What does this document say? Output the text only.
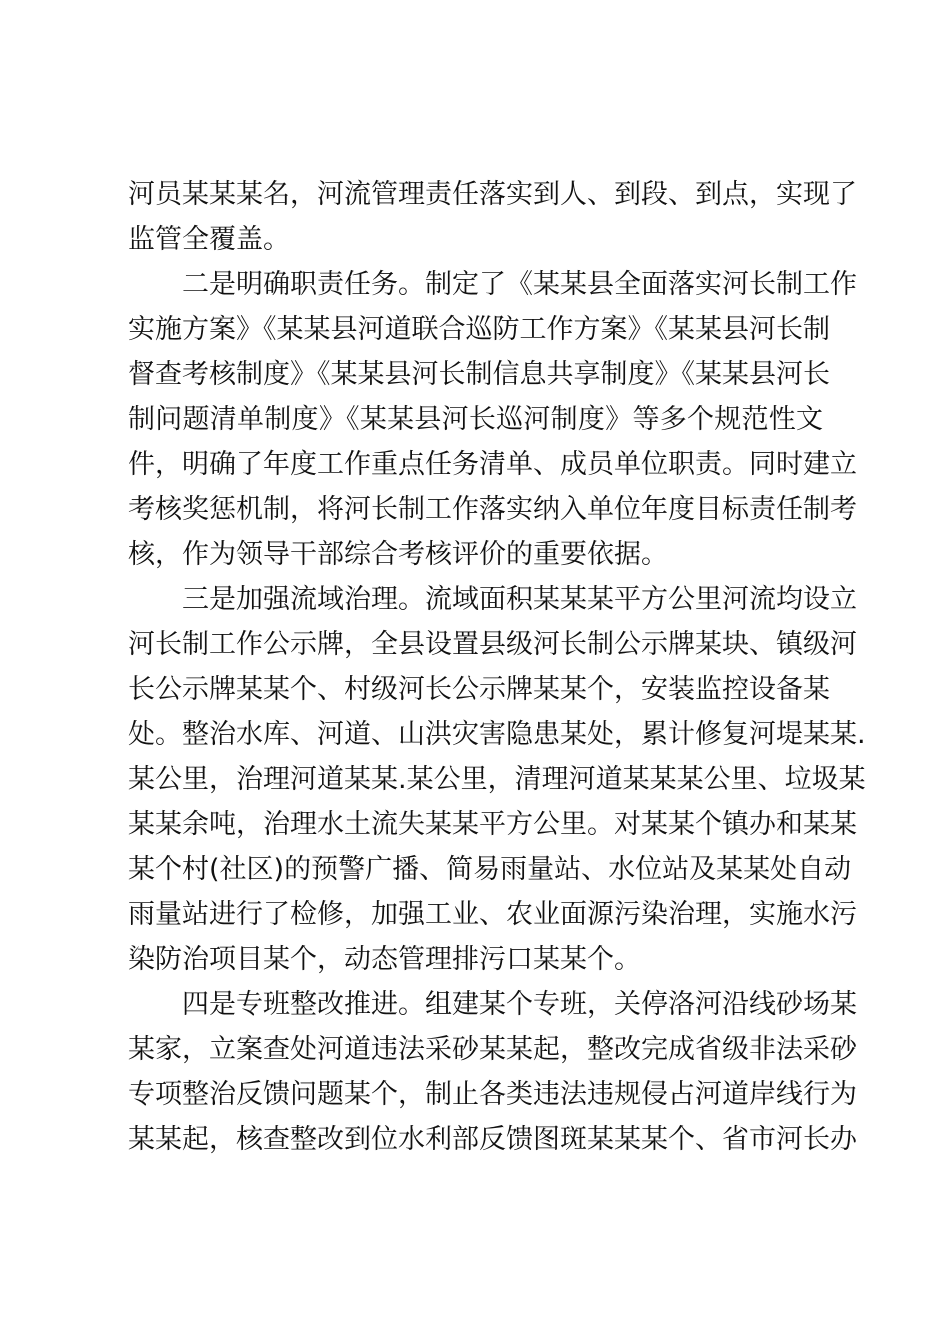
河员某某某名，河流管理责任落实到人、到段、到点，实现了
监管全覆盖。
二是明确职责任务。制定了《某某县全面落实河长制工作
实施方案》《某某县河道联合巡防工作方案》《某某县河长制
督查考核制度》《某某县河长制信息共享制度》《某某县河长
制问题清单制度》《某某县河长巡河制度》等多个规范性文
件，明确了年度工作重点任务清单、成员单位职责。同时建立
考核奖惩机制，将河长制工作落实纳入单位年度目标责任制考
核，作为领导干部综合考核评价的重要依据。
三是加强流域治理。流域面积某某某平方公里河流均设立
河长制工作公示牌，全县设置县级河长制公示牌某块、镇级河
长公示牌某某个、村级河长公示牌某某个，安装监控设备某
处。整治水库、河道、山洪灾害隐患某处，累计修复河堤某某.
某公里，治理河道某某.某公里，清理河道某某某公里、垃圾某
某某余吨，治理水土流失某某平方公里。对某某个镇办和某某
某个村(社区)的预警广播、简易雨量站、水位站及某某处自动
雨量站进行了检修，加强工业、农业面源污染治理，实施水污
染防治项目某个，动态管理排污口某某个。
四是专班整改推进。组建某个专班，关停洛河沿线砂场某
某家，立案查处河道违法采砂某某起，整改完成省级非法采砂
专项整治反馈问题某个，制止各类违法违规侵占河道岸线行为
某某起，核查整改到位水利部反馈图斑某某某个、省市河长办
